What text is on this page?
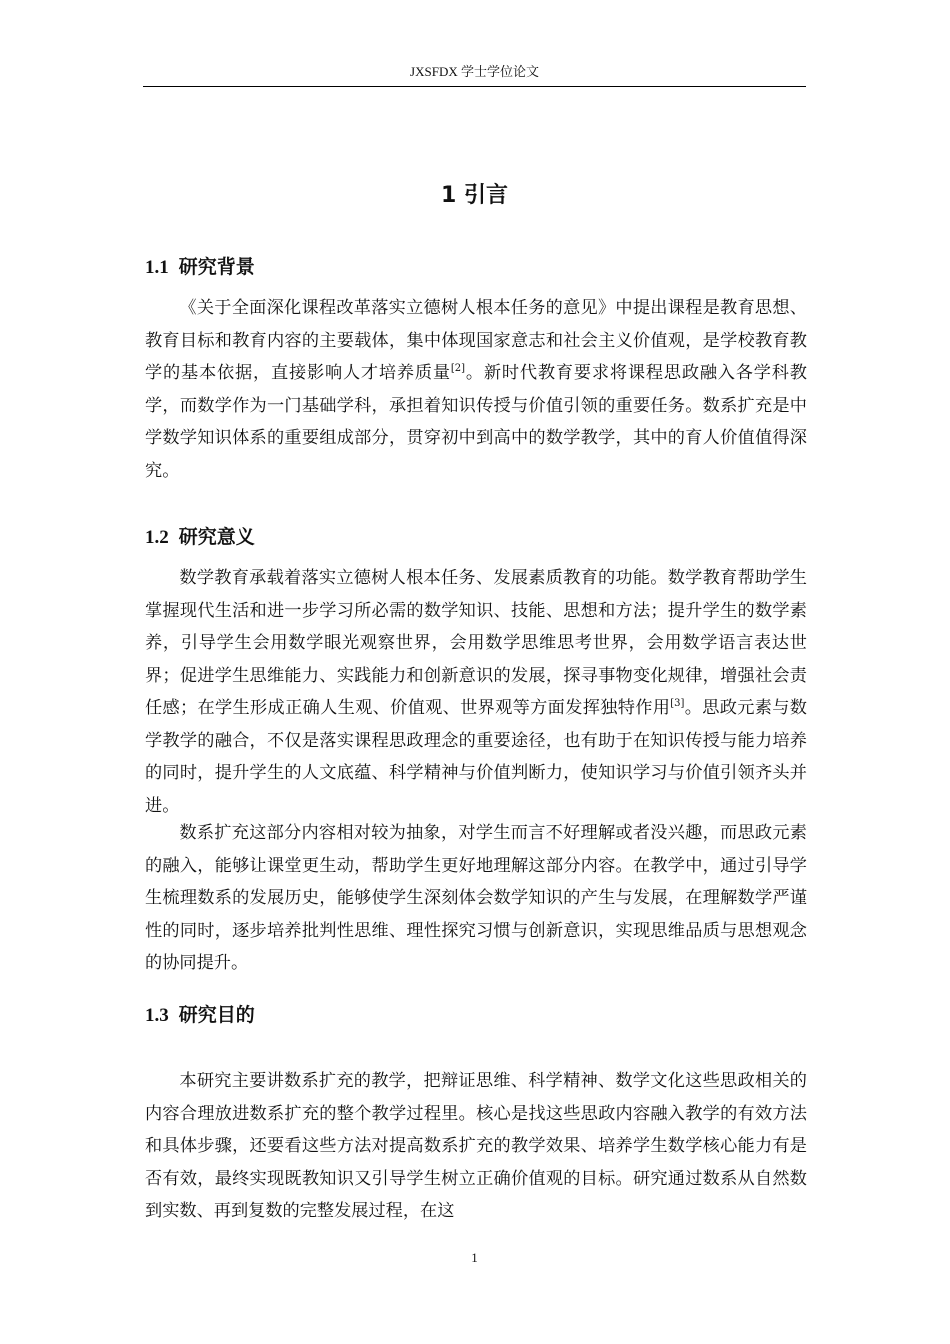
JXSFDX 学士学位论文
1 引言
1.1 研究背景

《关于全面深化课程改革落实立德树人根本任务的意见》中提出课程是教育思想、教育目标和教育内容的主要载体，集中体现国家意志和社会主义价值观，是学校教育教学的基本依据，直接影响人才培养质量[2]。新时代教育要求将课程思政融入各学科教学，而数学作为一门基础学科，承担着知识传授与价值引领的重要任务。数系扩充是中学数学知识体系的重要组成部分，贯穿初中到高中的数学教学，其中的育人价值值得深究。

1.2 研究意义

数学教育承载着落实立德树人根本任务、发展素质教育的功能。数学教育帮助学生掌握现代生活和进一步学习所必需的数学知识、技能、思想和方法；提升学生的数学素养，引导学生会用数学眼光观察世界，会用数学思维思考世界，会用数学语言表达世界；促进学生思维能力、实践能力和创新意识的发展，探寻事物变化规律，增强社会责任感；在学生形成正确人生观、价值观、世界观等方面发挥独特作用[3]。思政元素与数学教学的融合，不仅是落实课程思政理念的重要途径，也有助于在知识传授与能力培养的同时，提升学生的人文底蕴、科学精神与价值判断力，使知识学习与价值引领齐头并进。

数系扩充这部分内容相对较为抽象，对学生而言不好理解或者没兴趣，而思政元素的融入，能够让课堂更生动，帮助学生更好地理解这部分内容。在教学中，通过引导学生梳理数系的发展历史，能够使学生深刻体会数学知识的产生与发展，在理解数学严谨性的同时，逐步培养批判性思维、理性探究习惯与创新意识，实现思维品质与思想观念的协同提升。

1.3 研究目的

本研究主要讲数系扩充的教学，把辩证思维、科学精神、数学文化这些思政相关的内容合理放进数系扩充的整个教学过程里。核心是找这些思政内容融入教学的有效方法和具体步骤，还要看这些方法对提高数系扩充的教学效果、培养学生数学核心能力有是否有效，最终实现既教知识又引导学生树立正确价值观的目标。研究通过数系从自然数到实数、再到复数的完整发展过程，在这

1
